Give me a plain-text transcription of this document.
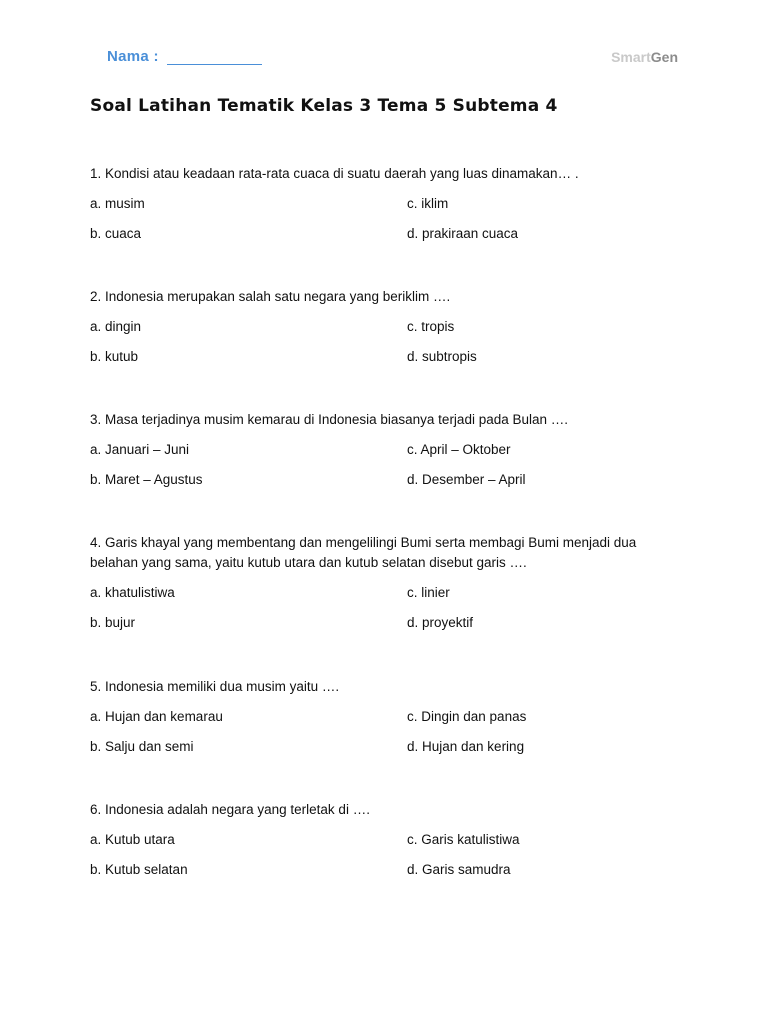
Nama :	SmartGen
Soal Latihan Tematik Kelas 3 Tema 5 Subtema 4
1. Kondisi atau keadaan rata-rata cuaca di suatu daerah yang luas dinamakan… .
a. musim	c. iklim
b. cuaca	d. prakiraan cuaca
2. Indonesia merupakan salah satu negara yang beriklim ….
a. dingin	c. tropis
b. kutub	d. subtropis
3. Masa terjadinya musim kemarau di Indonesia biasanya terjadi pada Bulan ….
a. Januari – Juni	c. April – Oktober
b. Maret – Agustus	d. Desember – April
4. Garis khayal yang membentang dan mengelilingi Bumi serta membagi Bumi menjadi dua
belahan yang sama, yaitu kutub utara dan kutub selatan disebut garis ….
a. khatulistiwa	c. linier
b. bujur	d. proyektif
5. Indonesia memiliki dua musim yaitu ….
a. Hujan dan kemarau	c. Dingin dan panas
b. Salju dan semi	d. Hujan dan kering
6. Indonesia adalah negara yang terletak di ….
a. Kutub utara	c. Garis katulistiwa
b. Kutub selatan	d. Garis samudra
